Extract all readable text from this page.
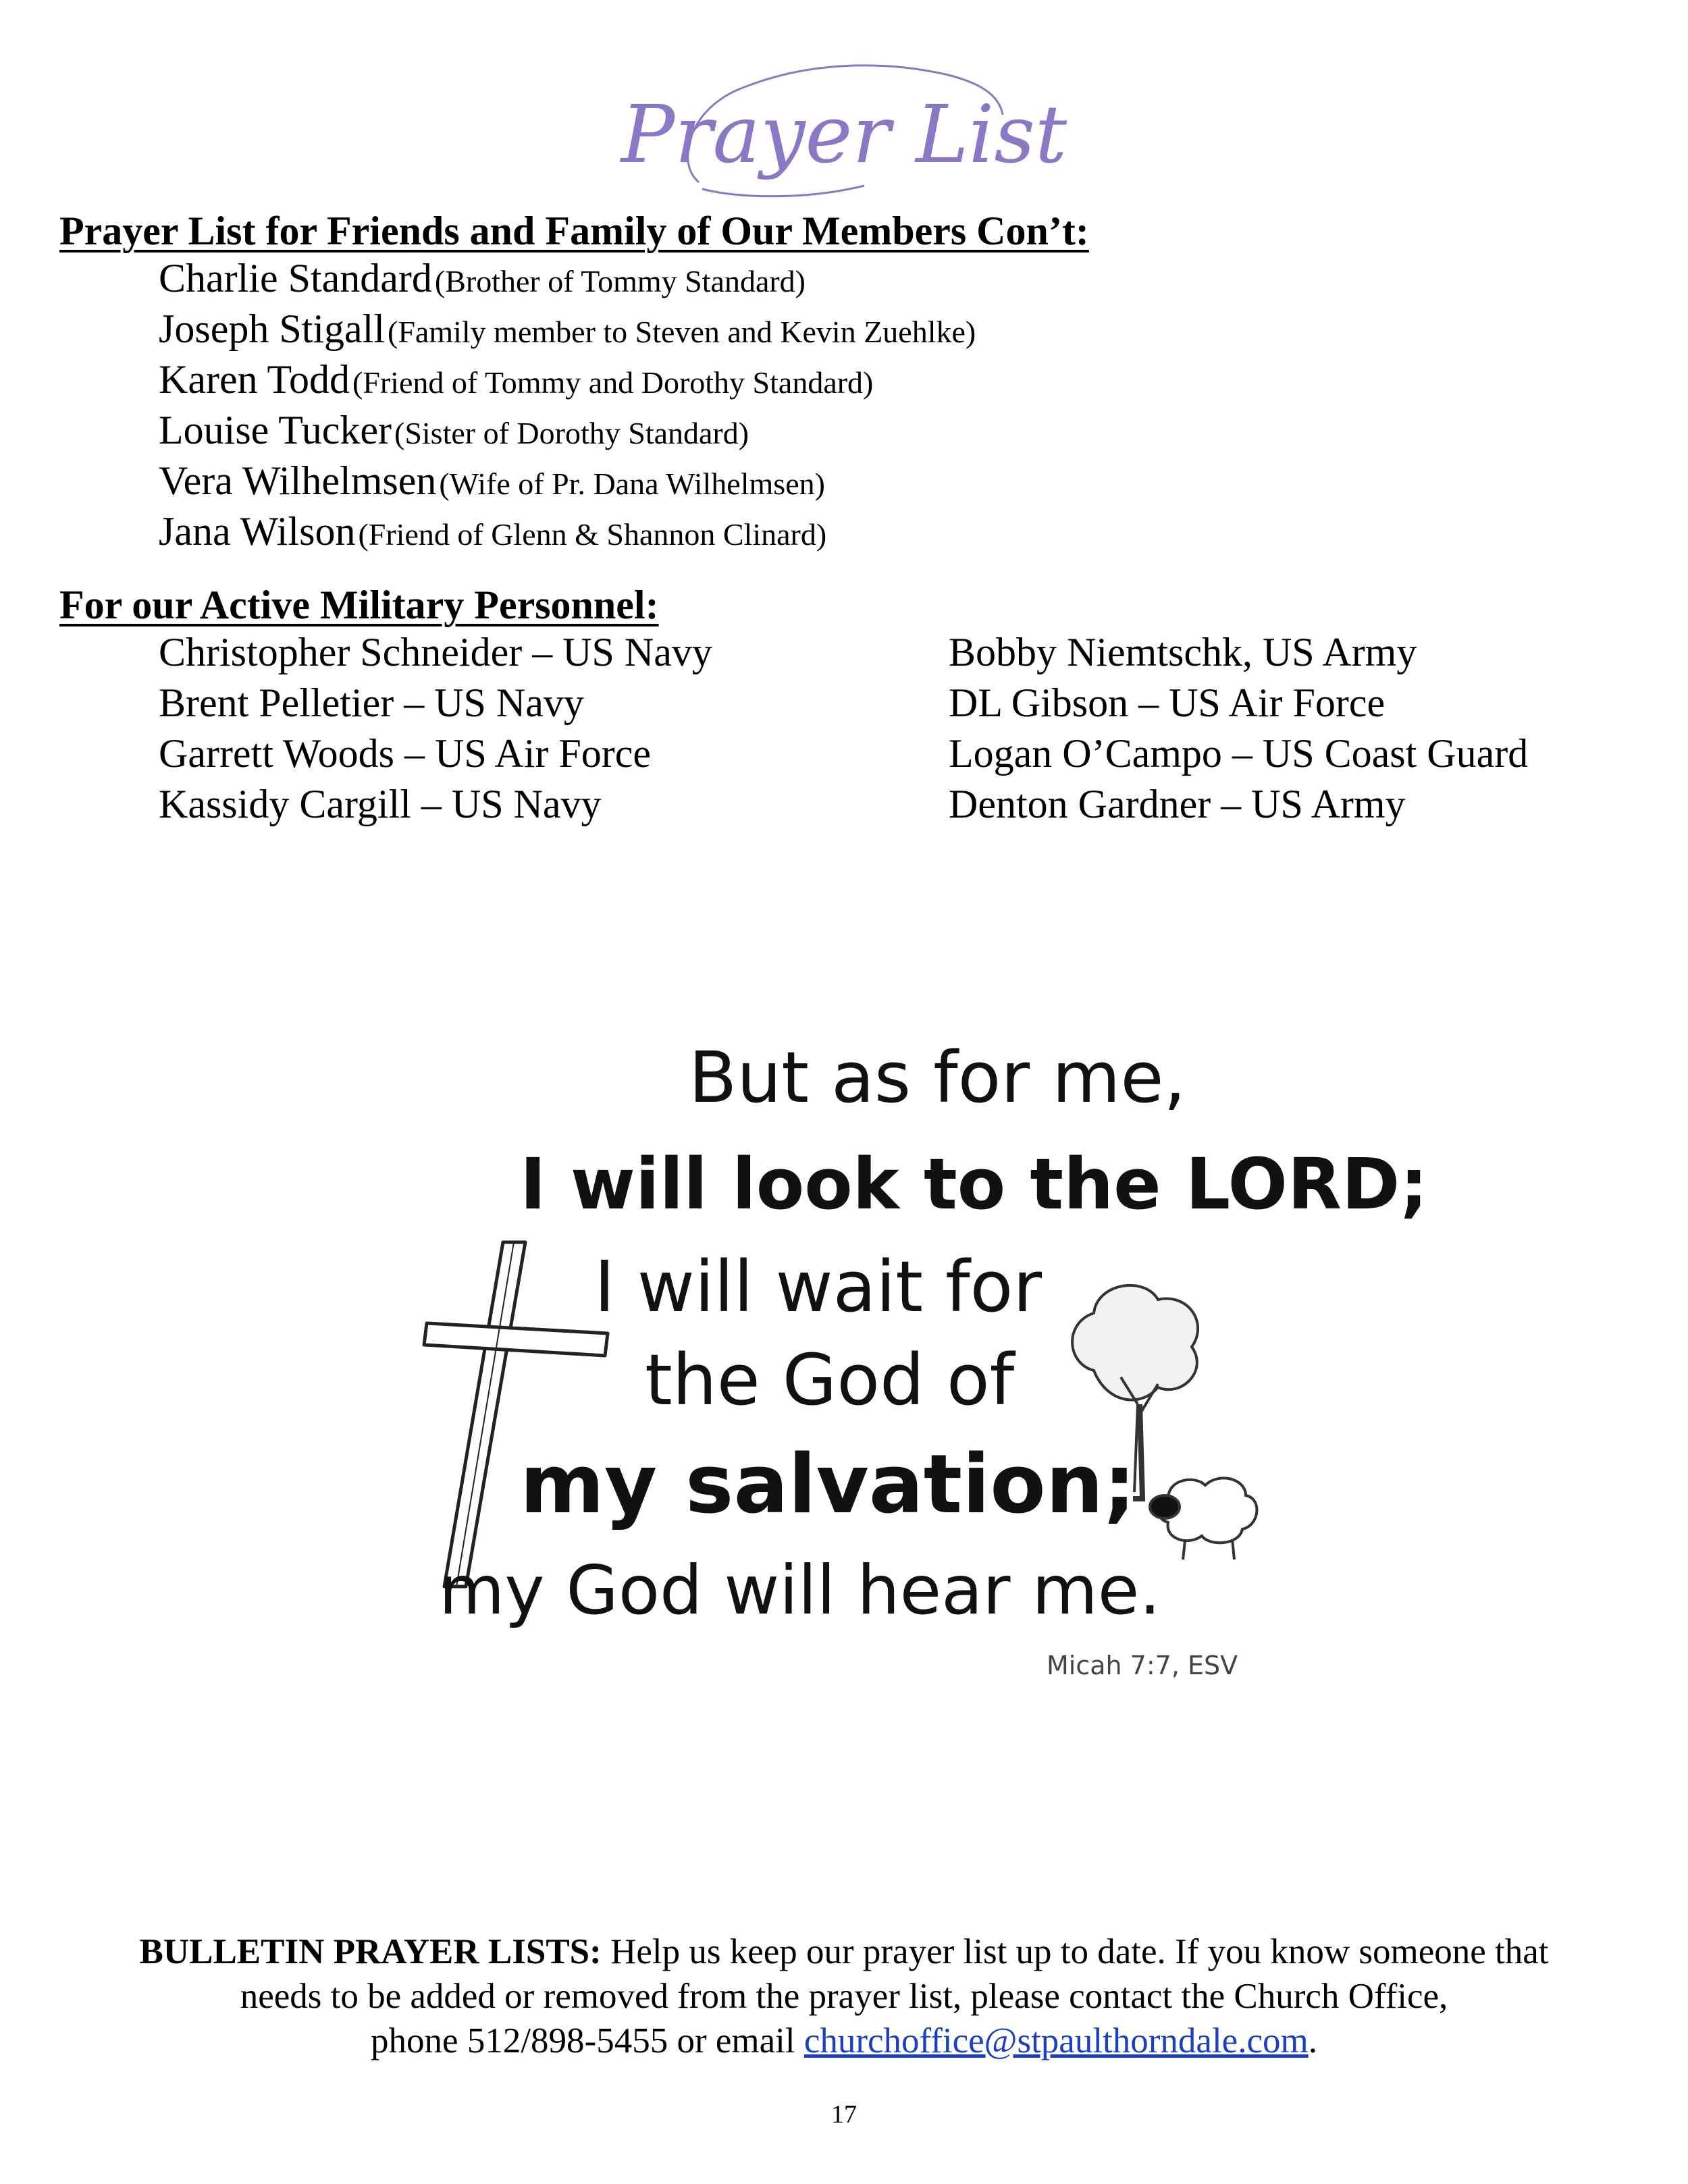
Prayer List
Prayer List for Friends and Family of Our Members Con’t:
Charlie Standard (Brother of Tommy Standard)
Joseph Stigall (Family member to Steven and Kevin Zuehlke)
Karen Todd (Friend of Tommy and Dorothy Standard)
Louise Tucker (Sister of Dorothy Standard)
Vera Wilhelmsen (Wife of Pr. Dana Wilhelmsen)
Jana Wilson (Friend of Glenn & Shannon Clinard)
For our Active Military Personnel:
Christopher Schneider – US Navy
Brent Pelletier – US Navy
Garrett Woods – US Air Force
Kassidy Cargill – US Navy
Bobby Niemtschk, US Army
DL Gibson – US Air Force
Logan O’Campo – US Coast Guard
Denton Gardner – US Army
But as for me,
I will look to the LORD;
I will wait for
the God of
my salvation;
my God will hear me.
Micah 7:7, ESV
BULLETIN PRAYER LISTS: Help us keep our prayer list up to date. If you know someone that
needs to be added or removed from the prayer list, please contact the Church Office,
phone 512/898-5455 or email churchoffice@stpaulthorndale.com.
17
